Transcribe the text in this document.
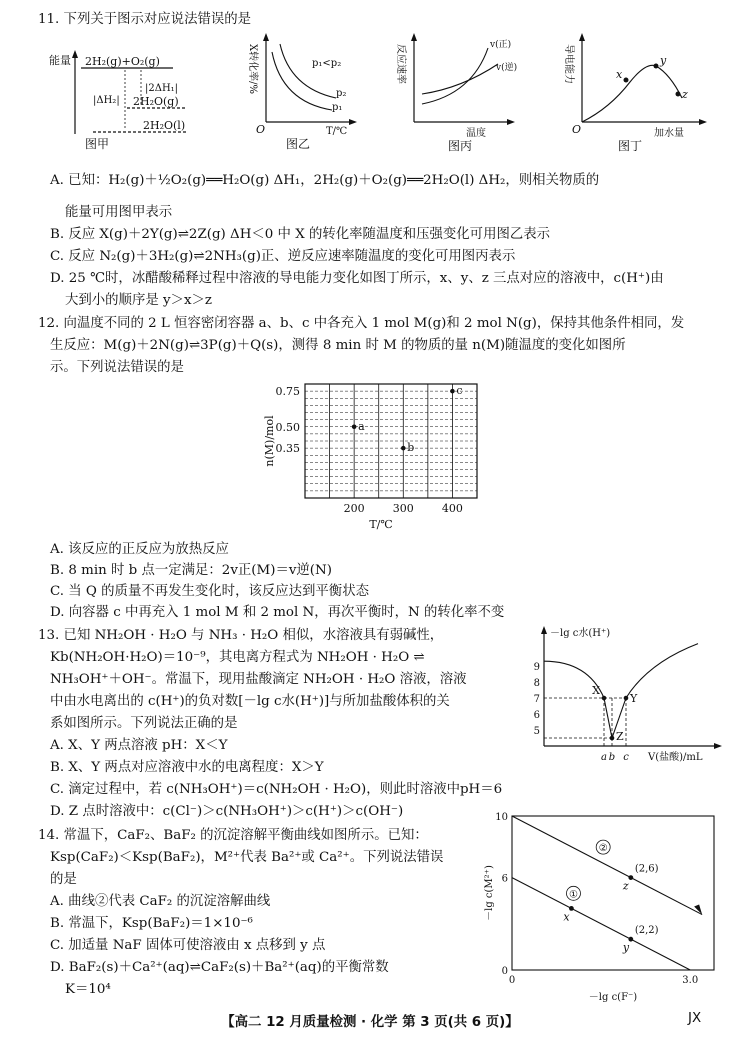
11. 下列关于图示对应说法错误的是
能量 2H₂(g)+O₂(g)
2H₂O(g)
2H₂O(l)
|2ΔH₁|
|ΔH₂|
图甲
X转化率/%	p₁<p₂
p₂
p₁
O	T/℃
图乙
反应速率	v(正)
v(逆)
温度
图丙
导电能力	x
y
z
O	加水量
图丁
A. 已知：H₂(g)＋½O₂(g)══H₂O(g) ΔH₁，2H₂(g)＋O₂(g)══2H₂O(l) ΔH₂，则相关物质的
能量可用图甲表示
B. 反应 X(g)＋2Y(g)⇌2Z(g) ΔH＜0 中 X 的转化率随温度和压强变化可用图乙表示
C. 反应 N₂(g)＋3H₂(g)⇌2NH₃(g)正、逆反应速率随温度的变化可用图丙表示
D. 25 ℃时，冰醋酸稀释过程中溶液的导电能力变化如图丁所示，x、y、z 三点对应的溶液中，c(H⁺)由
大到小的顺序是 y＞x＞z
12. 向温度不同的 2 L 恒容密闭容器 a、b、c 中各充入 1 mol M(g)和 2 mol N(g)，保持其他条件相同，发
生反应：M(g)＋2N(g)⇌3P(g)＋Q(s)，测得 8 min 时 M 的物质的量 n(M)随温度的变化如图所
示。下列说法错误的是
0.35
0.50
0.75
200	300	400
n(M)/mol
T/℃
a
b
c
A. 该反应的正反应为放热反应
B. 8 min 时 b 点一定满足：2v正(M)＝v逆(N)
C. 当 Q 的质量不再发生变化时，该反应达到平衡状态
D. 向容器 c 中再充入 1 mol M 和 2 mol N，再次平衡时，N 的转化率不变
13. 已知 NH₂OH · H₂O 与 NH₃ · H₂O 相似，水溶液具有弱碱性，
Kb(NH₂OH·H₂O)＝10⁻⁹，其电离方程式为 NH₂OH · H₂O ⇌
NH₃OH⁺＋OH⁻。常温下，现用盐酸滴定 NH₂OH · H₂O 溶液，溶液
中由水电离出的 c(H⁺)的负对数[－lg c水(H⁺)]与所加盐酸体积的关
系如图所示。下列说法正确的是
A. X、Y 两点溶液 pH：X＜Y
B. X、Y 两点对应溶液中水的电离程度：X＞Y
C. 滴定过程中，若 c(NH₃OH⁺)＝c(NH₂OH · H₂O)，则此时溶液中pH＝6
D. Z 点时溶液中：c(Cl⁻)＞c(NH₃OH⁺)＞c(H⁺)＞c(OH⁻)
－lg c水(H⁺)
V(盐酸)/mL
5
6
7
8
9
a b c
X
Z
Y
14. 常温下，CaF₂、BaF₂ 的沉淀溶解平衡曲线如图所示。已知：
Ksp(CaF₂)＜Ksp(BaF₂)，M²⁺代表 Ba²⁺或 Ca²⁺。下列说法错误
的是
A. 曲线②代表 CaF₂ 的沉淀溶解曲线
B. 常温下，Ksp(BaF₂)＝1×10⁻⁶
C. 加适量 NaF 固体可使溶液由 x 点移到 y 点
D. BaF₂(s)＋Ca²⁺(aq)⇌CaF₂(s)＋Ba²⁺(aq)的平衡常数
K＝10⁴
0
6
10
0	3.0
－lg c(M²⁺)
－lg c(F⁻)
①
②
z
(2,6)
y
(2,2)
x
【高二 12 月质量检测 · 化学 第 3 页(共 6 页)】	JX
